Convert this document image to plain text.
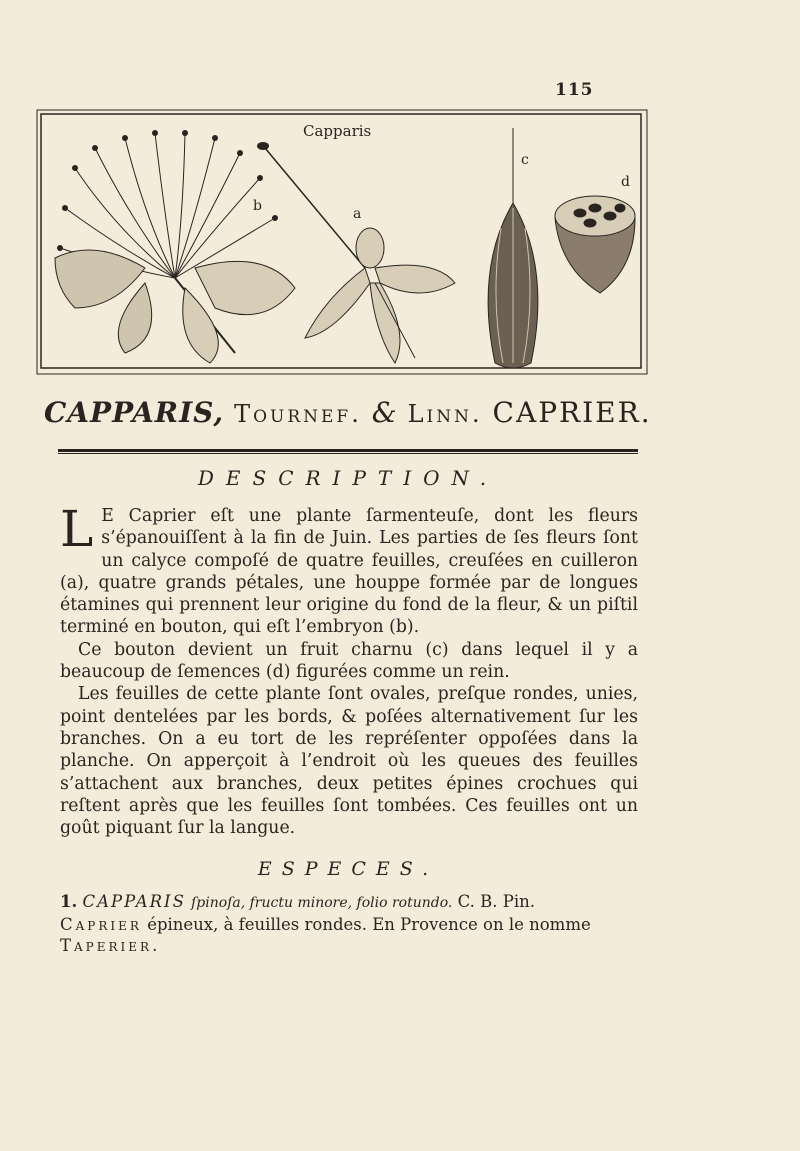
115
Capparis
b	a
c
d
CAPPARIS, Tournef. & Linn. CAPRIER.
DESCRIPTION.

L E Caprier eſt une plante ſarmenteuſe, dont les fleurs s’épanouiſſent à la fin de Juin. Les parties de ſes fleurs ſont un calyce compoſé de quatre feuilles, creuſées en cuilleron (a), quatre grands pétales, une houppe formée par de longues étamines qui prennent leur origine du fond de la fleur, & un piſtil terminé en bouton, qui eſt l’embryon (b).

Ce bouton devient un fruit charnu (c) dans lequel il y a beaucoup de ſemences (d) figurées comme un rein.

Les feuilles de cette plante ſont ovales, preſque rondes, unies, point dentelées par les bords, & poſées alternativement ſur les branches. On a eu tort de les repréſenter oppoſées dans la planche. On apperçoit à l’endroit où les queues des feuilles s’attachent aux branches, deux petites épines crochues qui reſtent après que les feuilles ſont tombées. Ces feuilles ont un goût piquant ſur la langue.

ESPECES.
1. CAPPARIS ſpinoſa, fructu minore, folio rotundo. C. B. Pin.
Caprier épineux, à feuilles rondes. En Provence on le nomme
Taperier.
